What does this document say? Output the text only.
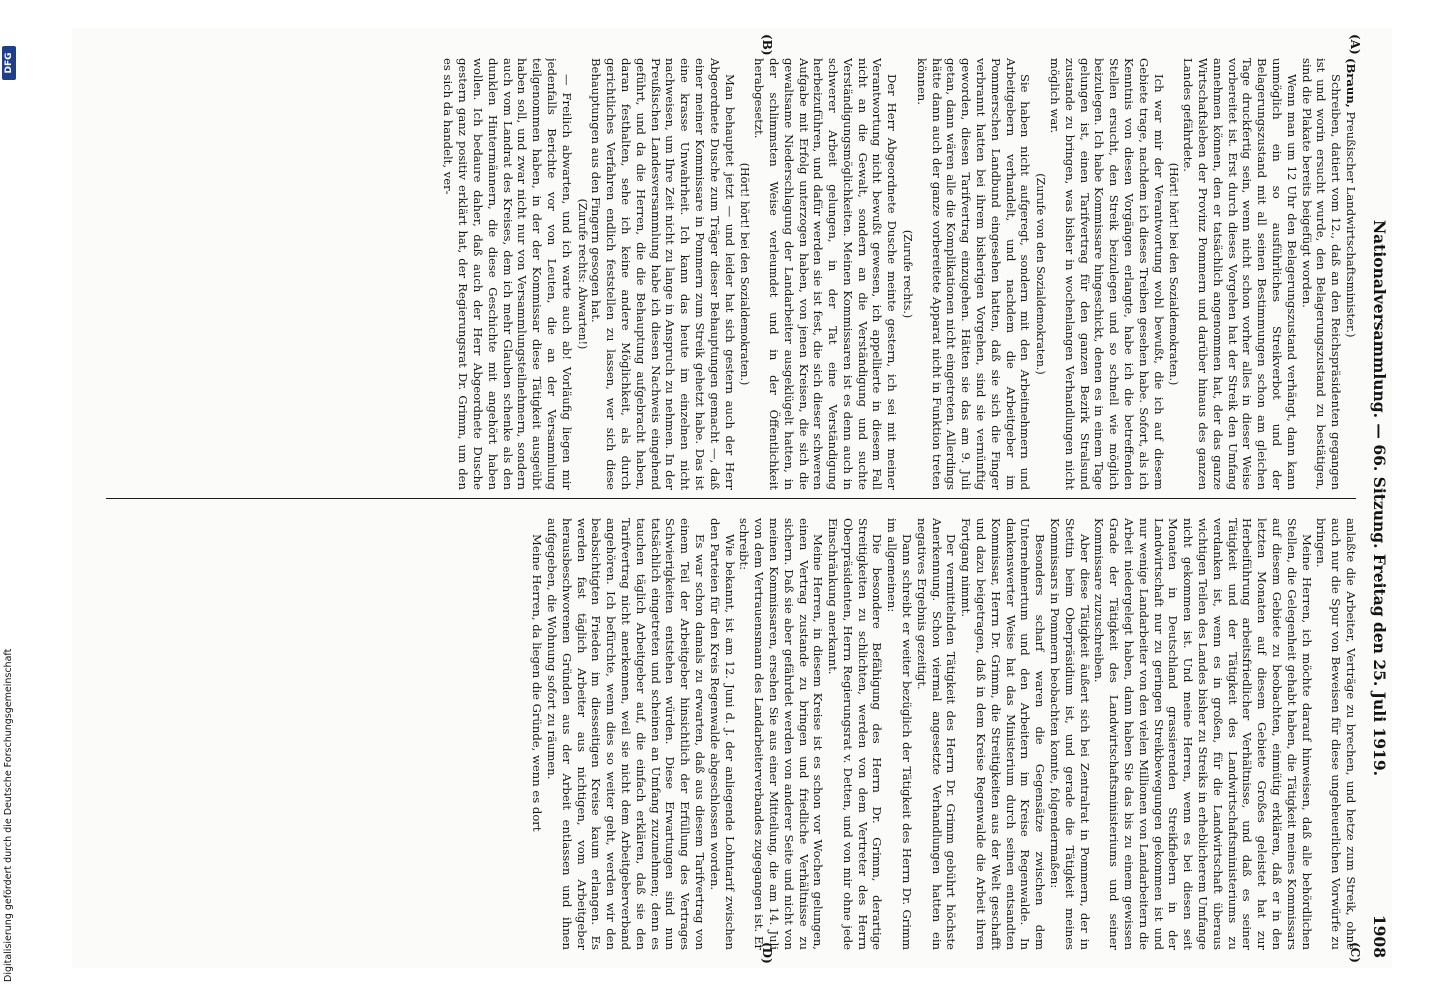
Nationalversammlung. — 66. Sitzung. Freitag den 25. Juli 1919.
1908
(A)
(B)
(C)
(D)

(Braun, Preußischer Landwirtschaftsminister.)

Schreiben, datiert vom 12., daß an den Reichspräsidenten gegangen ist und worin ersucht wurde, den Belagerungszustand zu bestätigen, sind die Plakate bereits beigefügt worden.

Wenn man um 12 Uhr den Belagerungszustand verhängt, dann kann unmöglich ein so ausführliches Streikverbot und der Belagerungszustand mit all seinen Bestimmungen schon am gleichen Tage druckfertig sein, wenn nicht schon vorher alles in dieser Weise vorbereitet ist. Erst durch dieses Vorgehen hat der Streik den Umfang annehmen können, den er tatsächlich angenommen hat, der das ganze Wirtschaftsleben der Provinz Pommern und darüber hinaus des ganzen Landes gefährdete.

(Hört! hört! bei den Sozialdemokraten.)

Ich war mir der Verantwortung wohl bewußt, die ich auf diesem Gebiete trage, nachdem ich dieses Treiben gesehen habe. Sofort, als ich Kenntnis von diesen Vorgängen erlangte, habe ich die betreffenden Stellen ersucht, den Streik beizulegen und so schnell wie möglich beizulegen. Ich habe Kommissare hingeschickt, denen es in einem Tage gelungen ist, einen Tarifvertrag für den ganzen Bezirk Stralsund zustande zu bringen, was bisher in wochenlangen Verhandlungen nicht möglich war.

(Zurufe von den Sozialdemokraten.)

Sie haben nicht aufgeregt, sondern mit den Arbeitnehmern und Arbeitgebern verhandelt, und nachdem die Arbeitgeber im Pommerschen Landbund eingesehen hatten, daß sie sich die Finger verbrannt hatten bei ihrem bisherigen Vorgehen, sind sie vernünftig geworden, diesen Tarifvertrag einzugehen. Hätten sie das am 9. Juli getan, dann wären alle die Komplikationen nicht eingetreten. Allerdings hätte dann auch der ganze vorbereitete Apparat nicht in Funktion treten können.

(Zurufe rechts.)

Der Herr Abgeordnete Dusche meinte gestern, ich sei mit meiner Verantwortung nicht bewußt gewesen, ich appellierte in diesem Fall nicht an die Gewalt, sondern an die Verständigung und suchte Verständigungsmöglichkeiten. Meinen Kommissaren ist es denn auch in schwerer Arbeit gelungen, in der Tat eine Verständigung herbeizuführen, und dafür werden sie ist fest, die sich dieser schweren Aufgabe mit Erfolg unterzogen haben, von jenen Kreisen, die sich die gewaltsame Niederschlagung der Landarbeiter ausgeklügelt hatten, in der schlimmsten Weise verleumdet und in der Öffentlichkeit herabgesetzt.

(Hört! hört! bei den Sozialdemokraten.)

Man behauptet jetzt — und leider hat sich gestern auch der Herr Abgeordnete Dusche zum Träger dieser Behauptungen gemacht —, daß einer meiner Kommissare in Pommern zum Streik gehetzt habe. Das ist eine krasse Unwahrheit. Ich kann das heute im einzelnen nicht nachweisen, um Ihre Zeit nicht zu lange in Anspruch zu nehmen. In der Preußischen Landesversammlung habe ich diesen Nachweis eingehend geführt, und da die Herren, die die Behauptung aufgebracht haben, daran festhalten, sehe ich keine andere Möglichkeit, als durch gerichtliches Verfahren endlich feststellen zu lassen, wer sich diese Behauptungen aus den Fingern gesogen hat.

(Zurufe rechts: Abwarten!)

— Freilich abwarten, und ich warte auch ab! Vorläufig liegen mir jedenfalls Berichte vor von Leuten, die an der Versammlung teilgenommen haben, in der der Kommissar diese Tätigkeit ausgeübt haben soll, und zwar nicht nur von Versammlungsteilnehmern, sondern auch vom Landrat des Kreises, dem ich mehr Glauben schenke als den dunklen Hintermännern, die diese Geschichte mit angehört haben wollen. Ich bedaure daher, daß auch der Herr Abgeordnete Dusche gestern ganz positiv erklärt hat, der Regierungsrat Dr. Grimm, um den es sich da handelt, ver-

anlaßte die Arbeiter, Verträge zu brechen, und hetze zum Streik, ohne auch nur die Spur von Beweisen für diese ungeheuerlichen Vorwürfe zu bringen.

Meine Herren, ich möchte darauf hinweisen, daß alle behördlichen Stellen, die Gelegenheit gehabt haben, die Tätigkeit meines Kommissars auf diesem Gebiete zu beobachten, einmütig erklären, daß er in den letzten Monaten auf diesem Gebiete Großes geleistet hat zur Herbeiführung arbeitsfriedlicher Verhältnisse, und daß es seiner Tätigkeit und der Tätigkeit des Landwirtschaftsministeriums zu verdanken ist, wenn es in großen, für die Landwirtschaft überaus wichtigen Teilen des Landes bisher zu Streiks in erheblicherem Umfange nicht gekommen ist. Und meine Herren, wenn es bei diesen seit Monaten in Deutschland grassierenden Streikfiebern in der Landwirtschaft nur zu geringen Streikbewegungen gekommen ist und nur wenige Landarbeiter von den vielen Millionen von Landarbeitern die Arbeit niedergelegt haben, dann haben Sie das bis zu einem gewissen Grade der Tätigkeit des Landwirtschaftsministeriums und seiner Kommissare zuzuschreiben.

Aber diese Tätigkeit äußert sich bei Zentralrat in Pommern, der in Stettin beim Oberpräsidium ist, und gerade die Tätigkeit meines Kommissars in Pommern beobachten konnte, folgendermaßen:

Besonders scharf waren die Gegensätze zwischen dem Unternehmertum und den Arbeitern im Kreise Regenwalde. In dankenswerter Weise hat das Ministerium durch seinen entsandten Kommissar, Herrn Dr. Grimm, die Streitigkeiten aus der Welt geschafft und dazu beigetragen, daß in dem Kreise Regenwalde die Arbeit ihren Fortgang nimmt.

Der vermittelnden Tätigkeit des Herrn Dr. Grimm gebührt höchste Anerkennung. Schon viermal angesetzte Verhandlungen hatten ein negatives Ergebnis gezeitigt.

Dann schreibt er weiter bezüglich der Tätigkeit des Herrn Dr. Grimm im allgemeinen:

Die besondere Befähigung des Herrn Dr. Grimm, derartige Streitigkeiten zu schlichten, werden von dem Vertreter des Herrn Oberpräsidenten, Herrn Regierungsrat v. Detten, und von mir ohne jede Einschränkung anerkannt.

Meine Herren, in diesem Kreise ist es schon vor Wochen gelungen, einen Vertrag zustande zu bringen und friedliche Verhältnisse zu sichern. Daß sie aber gefährdet werden von anderer Seite und nicht von meinen Kommissaren, ersehen Sie aus einer Mitteilung, die am 14. Juli von dem Vertrauensmann des Landarbeiterverbandes zugegangen ist. Er schreibt:

Wie bekannt, ist am 12. Juni d. J. der anliegende Lohntarif zwischen den Parteien für den Kreis Regenwalde abgeschlossen worden.

Es war schon damals zu erwarten, daß aus diesem Tarifvertrag von einem Teil der Arbeitgeber hinsichtlich der Erfüllung des Vertrages Schwierigkeiten entstehen würden. Diese Erwartungen sind nun tatsächlich eingetreten und scheinen an Umfang zuzunehmen; denn es tauchen täglich Arbeitgeber auf, die einfach erklären, daß sie den Tarifvertrag nicht anerkennen, weil sie nicht dem Arbeitgeberverband angehören. Ich befürchte, wenn dies so weiter geht, werden wir den beabsichtigten Frieden im diesseitigen Kreise kaum erlangen. Es werden fast täglich Arbeiter aus nichtigen, vom Arbeitgeber herausbeschworenen Gründen aus der Arbeit entlassen und ihnen aufgegeben, die Wohnung sofort zu räumen.

Meine Herren, da liegen die Gründe, wenn es dort

Digitalisierung gefördert durch die Deutsche Forschungsgemeinschaft
DFG
